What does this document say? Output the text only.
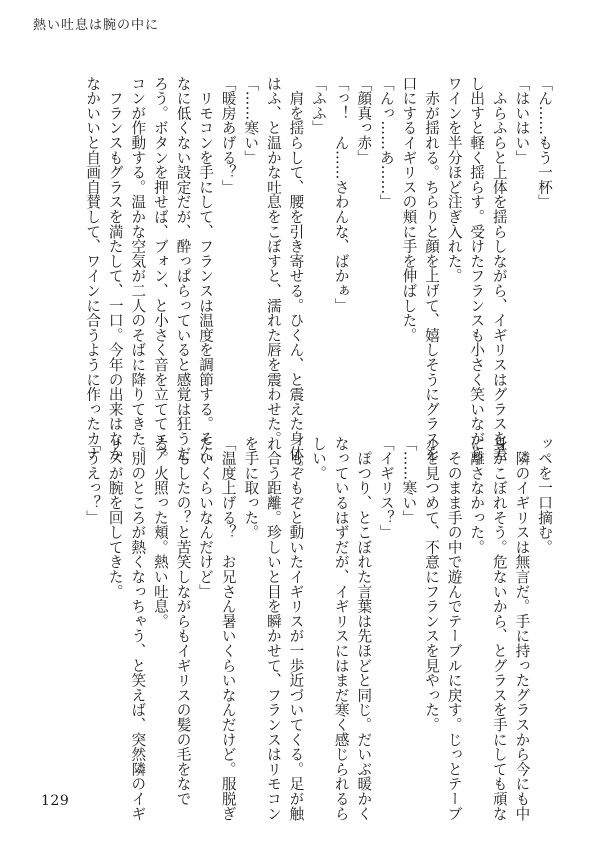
熱い吐息は腕の中に
「ん……もう一杯」
「はいはい」
　ふらふらと上体を揺らしながら、イギリスはグラスを差
し出すと軽く揺らす。受けたフランスも小さく笑いながら
ワインを半分ほど注ぎ入れた。
　赤が揺れる。ちらりと顔を上げて、嬉しそうにグラスを
口にするイギリスの頬に手を伸ばした。
「んっ……あ……」
「顔真っ赤」
「っ！　ん……さわんな、ばかぁ」
「ふふ」
　肩を揺らして、腰を引き寄せる。ひくん、と震えた身体。
はふ、と温かな吐息をこぼすと、濡れた唇を震わせた。
「……寒い」
「暖房あげる？」
　リモコンを手にして、フランスは温度を調節する。そん
なに低くない設定だが、酔っぱらっていると感覚は狂うだ
ろう。ボタンを押せば、ブォン、と小さく音を立ててエア
コンが作動する。温かな空気が二人のそばに降りてきた。
　フランスもグラスを満たして、一口。今年の出来はなか
なかいいと自画自賛して、ワインに合うように作ったカナ
ッペを一口摘む。
　隣のイギリスは無言だ。手に持ったグラスから今にも中
身がこぼれそう。危ないから、とグラスを手にしても頑な
に離さなかった。
　そのまま手の中で遊んでテーブルに戻す。じっとテーブ
ルを見つめて、不意にフランスを見やった。
「……寒い」
「イギリス？」
　ぽつり、とこぼれた言葉は先ほどと同じ。だいぶ暖かく
なっているはずだが、イギリスにはまだ寒く感じられるら
しい。
　もぞもぞと動いたイギリスが一歩近づいてくる。足が触
れ合う距離。珍しいと目を瞬かせて、フランスはリモコン
を手に取った。
「温度上げる？　お兄さん暑いくらいなんだけど。服脱ぎ
たいくらいなんだけど」
　もしたの？と苦笑しながらもイギリスの髪の毛をなで
る。火照った頬。熱い吐息。
　別のところが熱くなっちゃう、と笑えば、突然隣のイギ
リスが腕を回してきた。
「うえっ？」
129
